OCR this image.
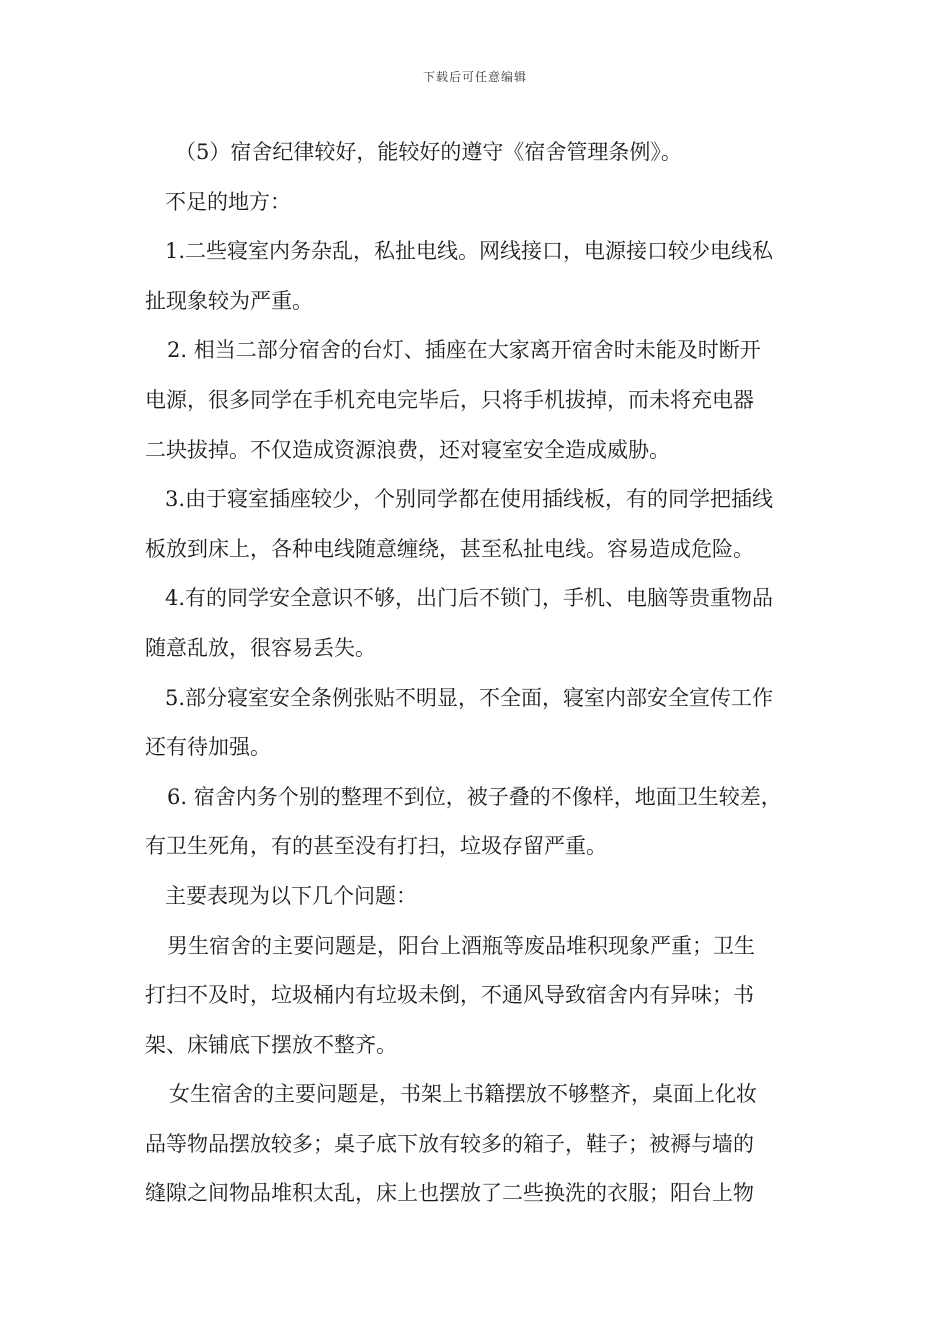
下载后可任意编辑
（5）宿舍纪律较好，能较好的遵守《宿舍管理条例》。
不足的地方：
1.二些寝室内务杂乱，私扯电线。网线接口，电源接口较少电线私
扯现象较为严重。
2. 相当二部分宿舍的台灯、插座在大家离开宿舍时未能及时断开
电源，很多同学在手机充电完毕后，只将手机拔掉，而未将充电器
二块拔掉。不仅造成资源浪费，还对寝室安全造成威胁。
3.由于寝室插座较少，个别同学都在使用插线板，有的同学把插线
板放到床上，各种电线随意缠绕，甚至私扯电线。容易造成危险。
4.有的同学安全意识不够，出门后不锁门，手机、电脑等贵重物品
随意乱放，很容易丢失。
5.部分寝室安全条例张贴不明显，不全面，寝室内部安全宣传工作
还有待加强。
6. 宿舍内务个别的整理不到位，被子叠的不像样，地面卫生较差，
有卫生死角，有的甚至没有打扫，垃圾存留严重。
主要表现为以下几个问题：
男生宿舍的主要问题是，阳台上酒瓶等废品堆积现象严重；卫生
打扫不及时，垃圾桶内有垃圾未倒，不通风导致宿舍内有异味；书
架、床铺底下摆放不整齐。
女生宿舍的主要问题是，书架上书籍摆放不够整齐，桌面上化妆
品等物品摆放较多；桌子底下放有较多的箱子，鞋子；被褥与墙的
缝隙之间物品堆积太乱，床上也摆放了二些换洗的衣服；阳台上物
